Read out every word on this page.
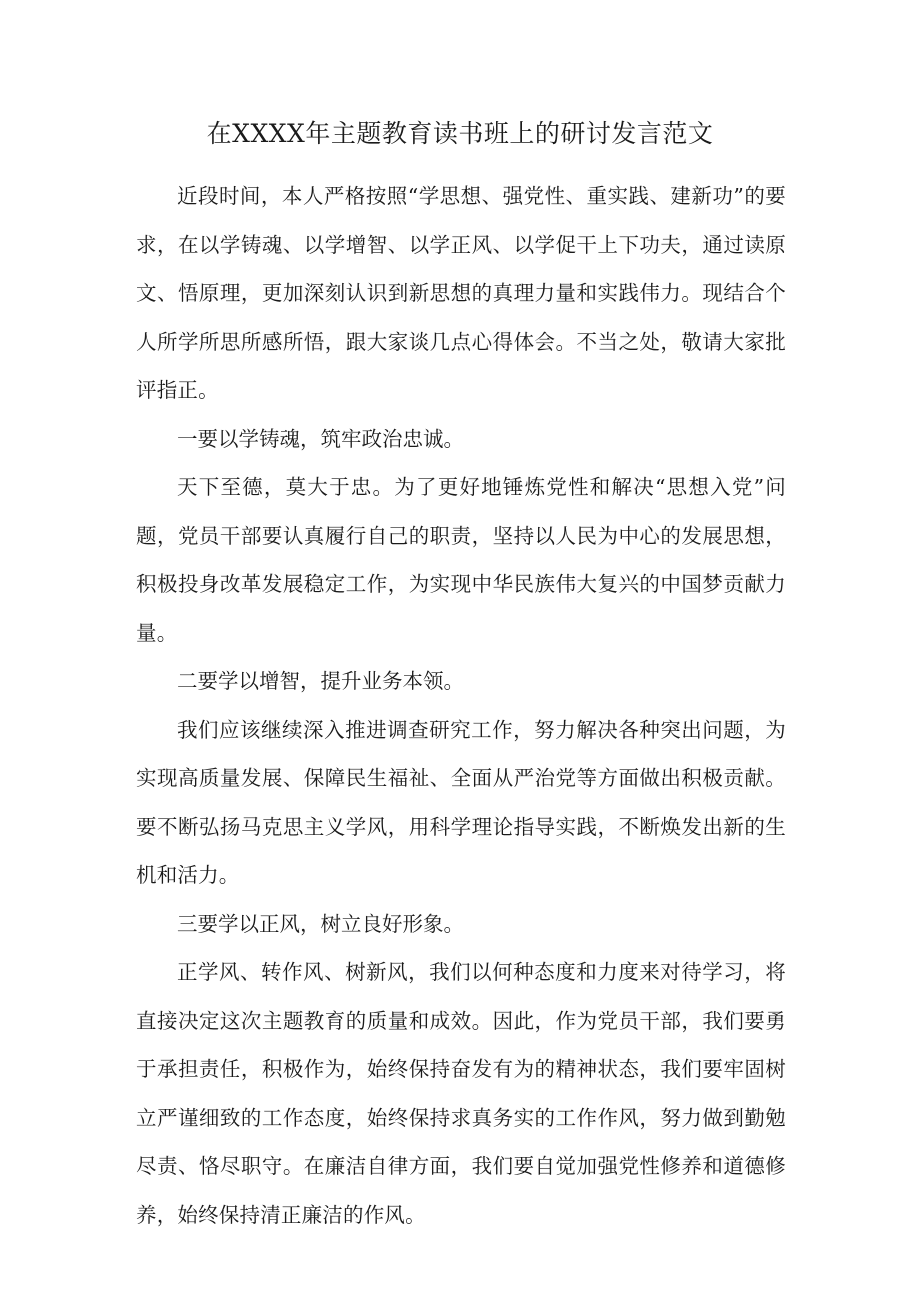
在XXXX年主题教育读书班上的研讨发言范文

近段时间，本人严格按照“学思想、强党性、重实践、建新功”的要求，在以学铸魂、以学增智、以学正风、以学促干上下功夫，通过读原文、悟原理，更加深刻认识到新思想的真理力量和实践伟力。现结合个人所学所思所感所悟，跟大家谈几点心得体会。不当之处，敬请大家批评指正。

一要以学铸魂，筑牢政治忠诚。

天下至德，莫大于忠。为了更好地锤炼党性和解决“思想入党”问题，党员干部要认真履行自己的职责，坚持以人民为中心的发展思想，积极投身改革发展稳定工作，为实现中华民族伟大复兴的中国梦贡献力量。

二要学以增智，提升业务本领。

我们应该继续深入推进调查研究工作，努力解决各种突出问题，为实现高质量发展、保障民生福祉、全面从严治党等方面做出积极贡献。要不断弘扬马克思主义学风，用科学理论指导实践，不断焕发出新的生机和活力。

三要学以正风，树立良好形象。

正学风、转作风、树新风，我们以何种态度和力度来对待学习，将直接决定这次主题教育的质量和成效。因此，作为党员干部，我们要勇于承担责任，积极作为，始终保持奋发有为的精神状态，我们要牢固树立严谨细致的工作态度，始终保持求真务实的工作作风，努力做到勤勉尽责、恪尽职守。在廉洁自律方面，我们要自觉加强党性修养和道德修养，始终保持清正廉洁的作风。
